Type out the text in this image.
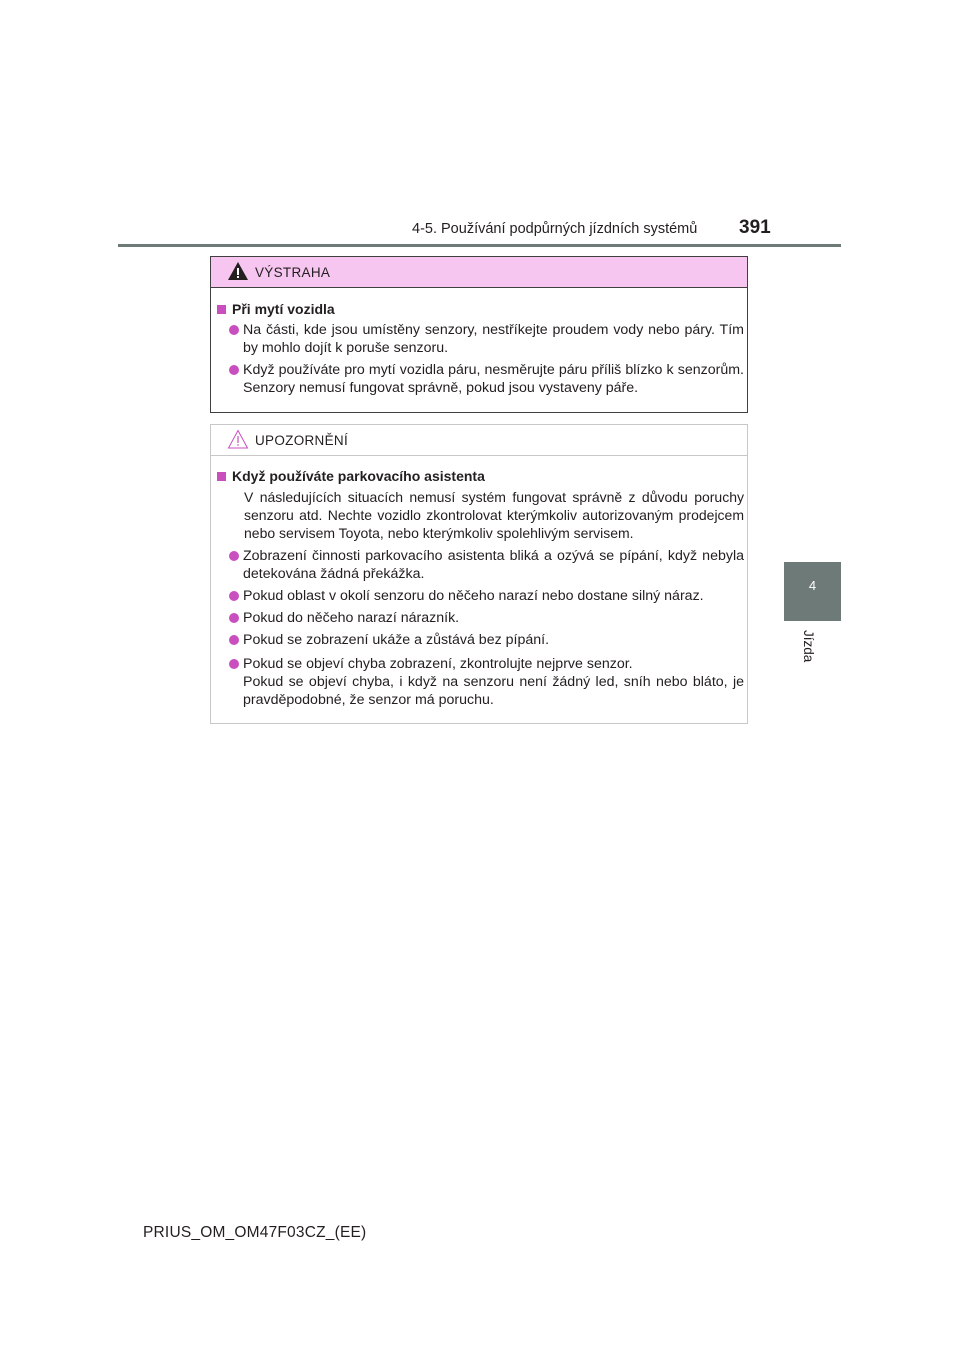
4-5. Používání podpůrných jízdních systémů 391
4
Jízda
VÝSTRAHA
Při mytí vozidla
Na části, kde jsou umístěny senzory, nestříkejte proudem vody nebo páry. Tím by mohlo dojít k poruše senzoru.
Když používáte pro mytí vozidla páru, nesměrujte páru příliš blízko k senzorům. Senzory nemusí fungovat správně, pokud jsou vystaveny páře.
UPOZORNĚNÍ
Když používáte parkovacího asistenta
V následujících situacích nemusí systém fungovat správně z důvodu poruchy senzoru atd. Nechte vozidlo zkontrolovat kterýmkoliv autorizovaným prodejcem nebo servisem Toyota, nebo kterýmkoliv spolehlivým servisem.
Zobrazení činnosti parkovacího asistenta bliká a ozývá se pípání, když nebyla detekována žádná překážka.
Pokud oblast v okolí senzoru do něčeho narazí nebo dostane silný náraz.
Pokud do něčeho narazí nárazník.
Pokud se zobrazení ukáže a zůstává bez pípání.
Pokud se objeví chyba zobrazení, zkontrolujte nejprve senzor.
Pokud se objeví chyba, i když na senzoru není žádný led, sníh nebo bláto, je pravděpodobné, že senzor má poruchu.
PRIUS_OM_OM47F03CZ_(EE)
